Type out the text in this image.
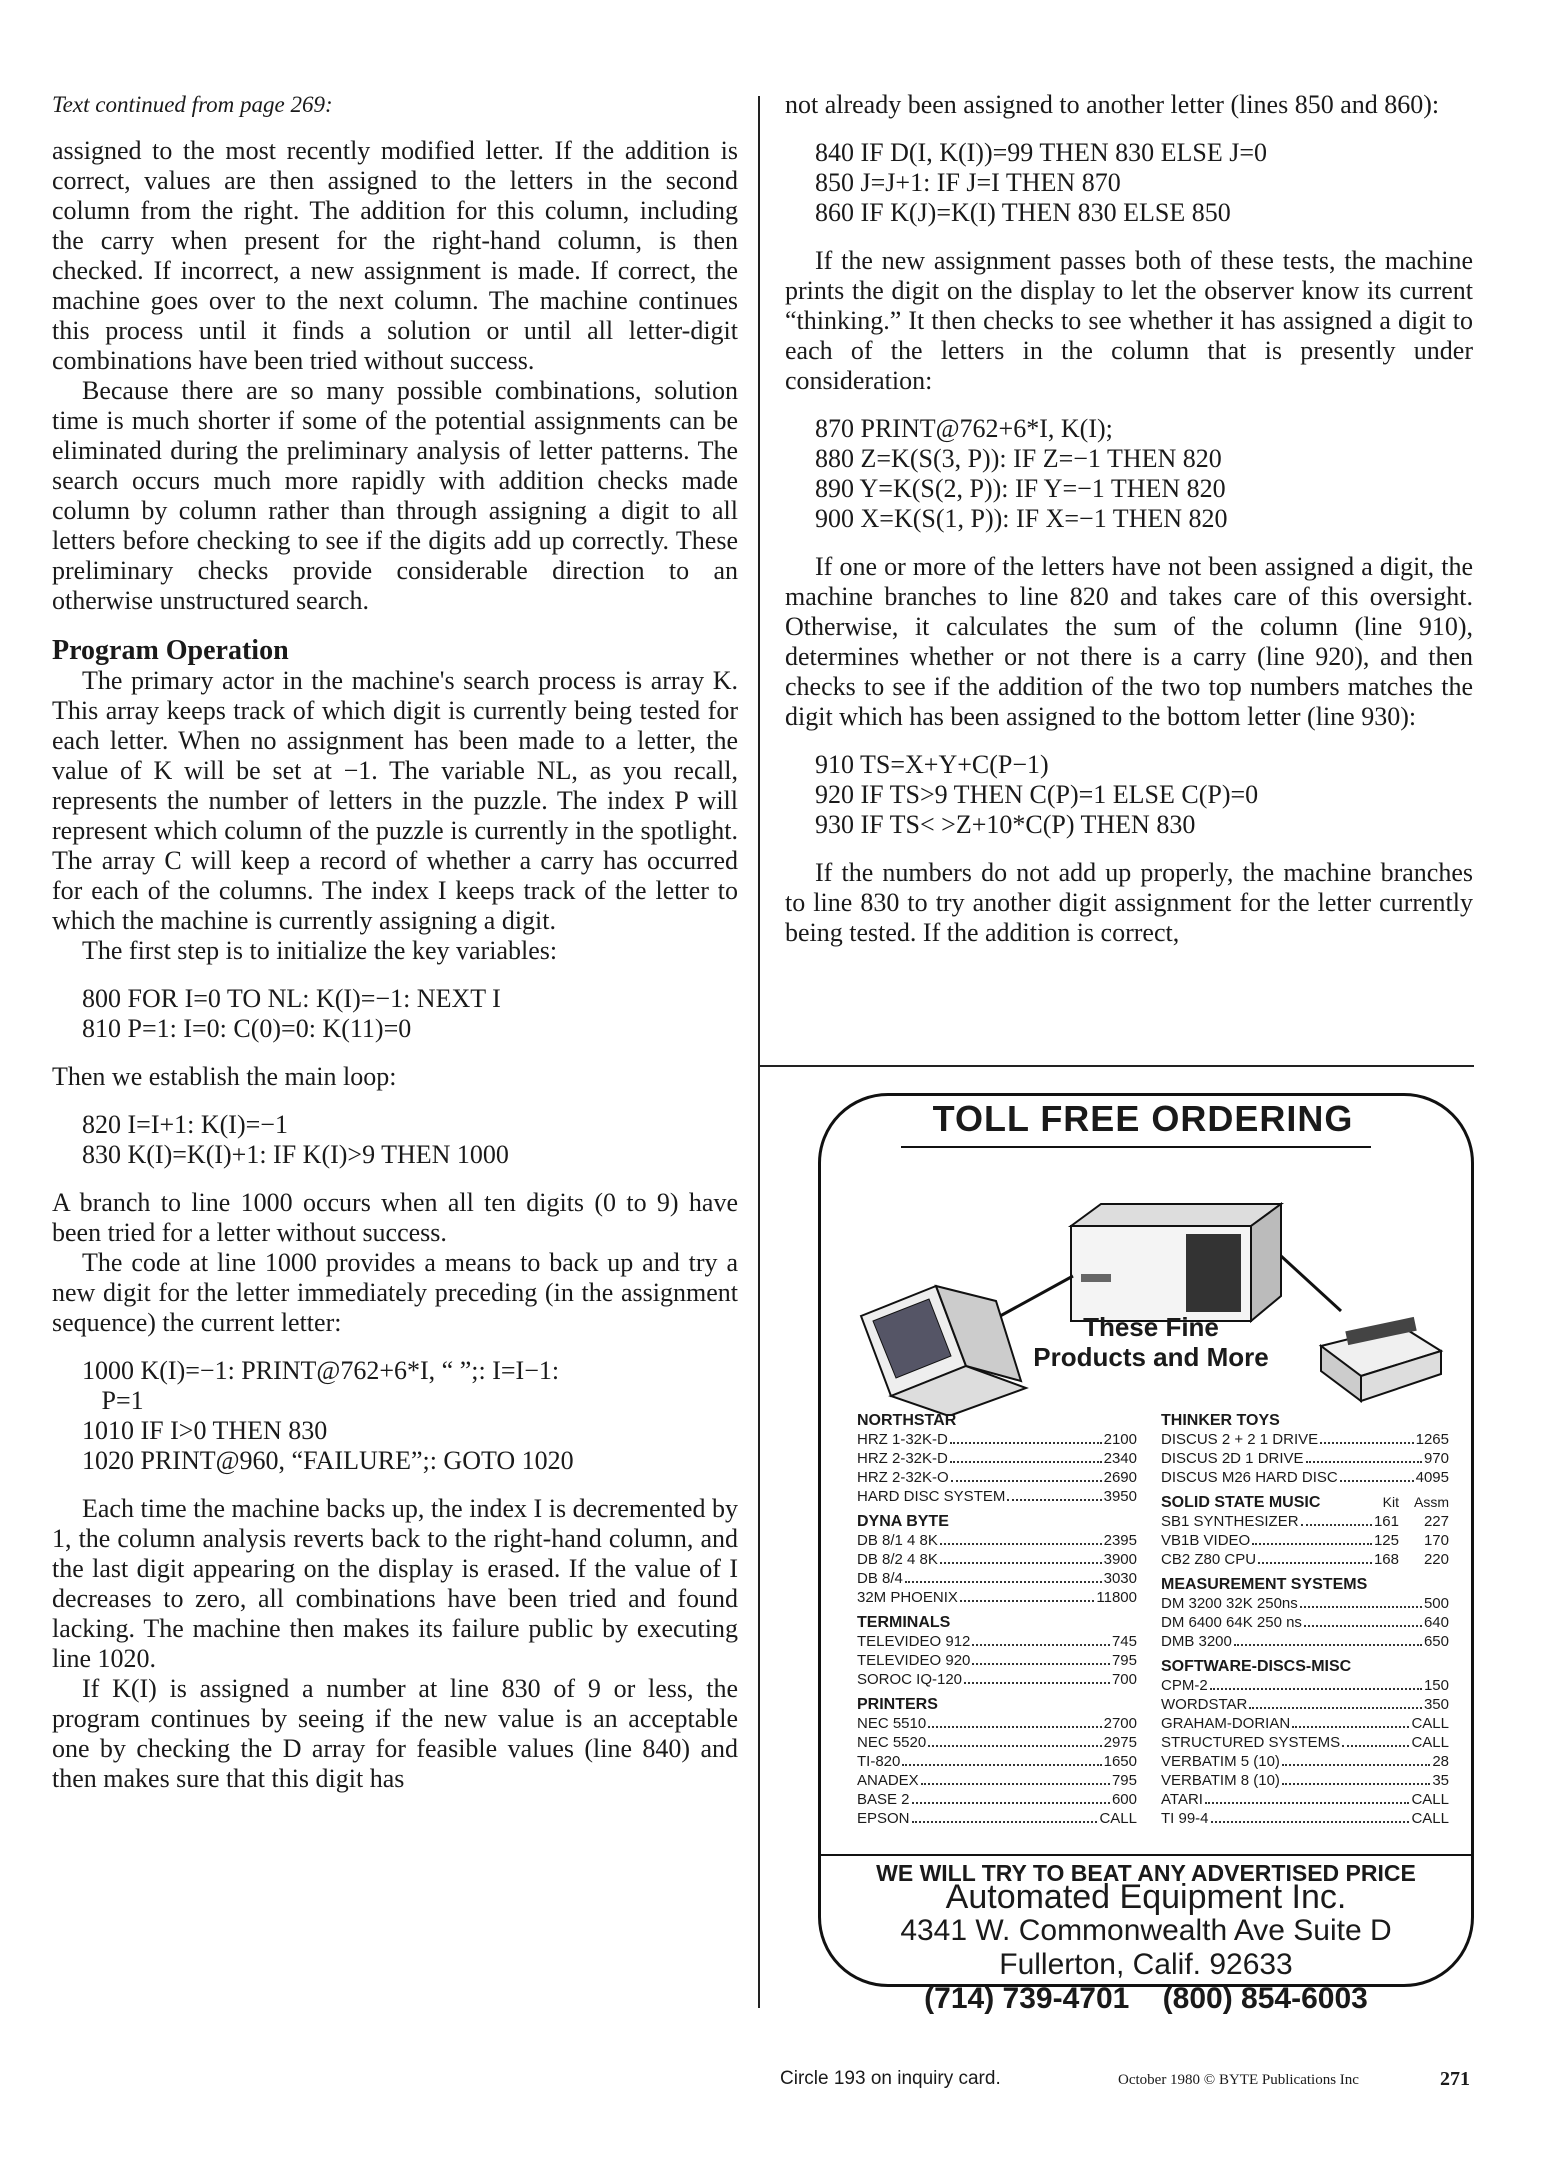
Text continued from page 269:

assigned to the most recently modified letter. If the addition is correct, values are then assigned to the letters in the second column from the right. The addition for this column, including the carry when present for the right-hand column, is then checked. If incorrect, a new assignment is made. If correct, the machine goes over to the next column. The machine continues this process until it finds a solution or until all letter-digit combinations have been tried without success.

Because there are so many possible combinations, solution time is much shorter if some of the potential assignments can be eliminated during the preliminary analysis of letter patterns. The search occurs much more rapidly with addition checks made column by column rather than through assigning a digit to all letters before checking to see if the digits add up correctly. These preliminary checks provide considerable direction to an otherwise unstructured search.

Program Operation

The primary actor in the machine's search process is array K. This array keeps track of which digit is currently being tested for each letter. When no assignment has been made to a letter, the value of K will be set at −1. The variable NL, as you recall, represents the number of letters in the puzzle. The index P will represent which column of the puzzle is currently in the spotlight. The array C will keep a record of whether a carry has occurred for each of the columns. The index I keeps track of the letter to which the machine is currently assigning a digit.

The first step is to initialize the key variables:

800 FOR I=0 TO NL: K(I)=−1: NEXT I
810 P=1: I=0: C(0)=0: K(11)=0

Then we establish the main loop:

820 I=I+1: K(I)=−1
830 K(I)=K(I)+1: IF K(I)>9 THEN 1000

A branch to line 1000 occurs when all ten digits (0 to 9) have been tried for a letter without success.

The code at line 1000 provides a means to back up and try a new digit for the letter immediately preceding (in the assignment sequence) the current letter:

1000 K(I)=−1: PRINT@762+6*I, “ ”;: I=I−1:
P=1
1010 IF I>0 THEN 830
1020 PRINT@960, “FAILURE”;: GOTO 1020

Each time the machine backs up, the index I is decremented by 1, the column analysis reverts back to the right-hand column, and the last digit appearing on the display is erased. If the value of I decreases to zero, all combinations have been tried and found lacking. The machine then makes its failure public by executing line 1020.

If K(I) is assigned a number at line 830 of 9 or less, the program continues by seeing if the new value is an acceptable one by checking the D array for feasible values (line 840) and then makes sure that this digit has

not already been assigned to another letter (lines 850 and 860):

840 IF D(I, K(I))=99 THEN 830 ELSE J=0
850 J=J+1: IF J=I THEN 870
860 IF K(J)=K(I) THEN 830 ELSE 850

If the new assignment passes both of these tests, the machine prints the digit on the display to let the observer know its current “thinking.” It then checks to see whether it has assigned a digit to each of the letters in the column that is presently under consideration:

870 PRINT@762+6*I, K(I);
880 Z=K(S(3, P)): IF Z=−1 THEN 820
890 Y=K(S(2, P)): IF Y=−1 THEN 820
900 X=K(S(1, P)): IF X=−1 THEN 820

If one or more of the letters have not been assigned a digit, the machine branches to line 820 and takes care of this oversight. Otherwise, it calculates the sum of the column (line 910), determines whether or not there is a carry (line 920), and then checks to see if the addition of the two top numbers matches the digit which has been assigned to the bottom letter (line 930):

910 TS=X+Y+C(P−1)
920 IF TS>9 THEN C(P)=1 ELSE C(P)=0
930 IF TS< >Z+10*C(P) THEN 830

If the numbers do not add up properly, the machine branches to line 830 to try another digit assignment for the letter currently being tested. If the addition is correct,

TOLL FREE ORDERING
These Fine
Products and More
NORTHSTAR
HRZ 1-32K-D	2100
HRZ 2-32K-D	2340
HRZ 2-32K-O	2690
HARD DISC SYSTEM	3950
DYNA BYTE
DB 8/1 4 8K	2395
DB 8/2 4 8K	3900
DB 8/4	3030
32M PHOENIX	11800
TERMINALS
TELEVIDEO 912	745
TELEVIDEO 920	795
SOROC IQ-120	700
PRINTERS
NEC 5510	2700
NEC 5520	2975
TI-820	1650
ANADEX	795
BASE 2	600
EPSON	CALL
THINKER TOYS
DISCUS 2 + 2 1 DRIVE	1265
DISCUS 2D 1 DRIVE	970
DISCUS M26 HARD DISC	4095
SOLID STATE MUSIC	Kit	Assm
SB1 SYNTHESIZER	161	227
VB1B VIDEO	125	170
CB2 Z80 CPU	168	220
MEASUREMENT SYSTEMS
DM 3200 32K 250ns	500
DM 6400 64K 250 ns	640
DMB 3200	650
SOFTWARE-DISCS-MISC
CPM-2	150
WORDSTAR	350
GRAHAM-DORIAN	CALL
STRUCTURED SYSTEMS	CALL
VERBATIM 5 (10)	28
VERBATIM 8 (10)	35
ATARI	CALL
TI 99-4	CALL
WE WILL TRY TO BEAT ANY ADVERTISED PRICE
Automated Equipment Inc.
4341 W. Commonwealth Ave Suite D
Fullerton, Calif. 92633
(714) 739-4701 (800) 854-6003
Circle 193 on inquiry card.	October 1980 © BYTE Publications Inc	271
